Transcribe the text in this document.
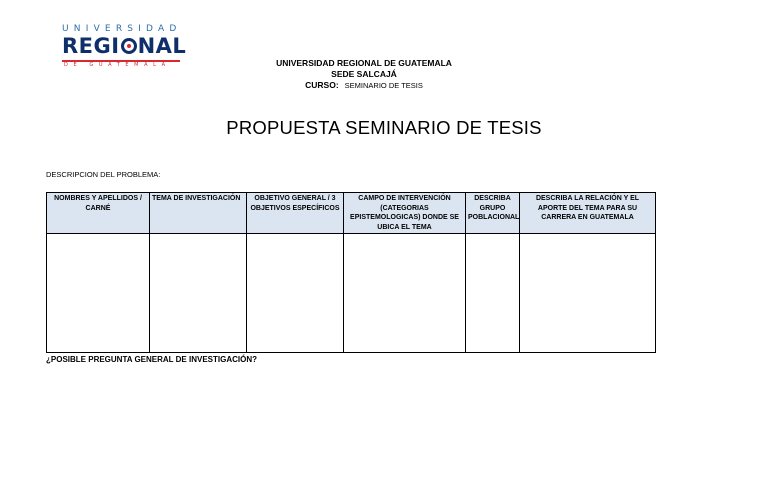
UNIVERSIDAD
REGI NAL
DE GUATEMALA	UNIVERSIDAD REGIONAL DE GUATEMALA
SEDE SALCAJÁ
CURSO: SEMINARIO DE TESIS
PROPUESTA SEMINARIO DE TESIS
DESCRIPCION DEL PROBLEMA:
NOMBRES Y APELLIDOS / CARNÉ	TEMA DE INVESTIGACIÓN	OBJETIVO GENERAL / 3 OBJETIVOS ESPECÍFICOS	CAMPO DE INTERVENCIÓN (CATEGORIAS EPISTEMOLOGICAS) DONDE SE UBICA EL TEMA	DESCRIBA GRUPO POBLACIONAL	DESCRIBA LA RELACIÓN Y EL APORTE DEL TEMA PARA SU CARRERA EN GUATEMALA

¿POSIBLE PREGUNTA GENERAL DE INVESTIGACIÓN?
